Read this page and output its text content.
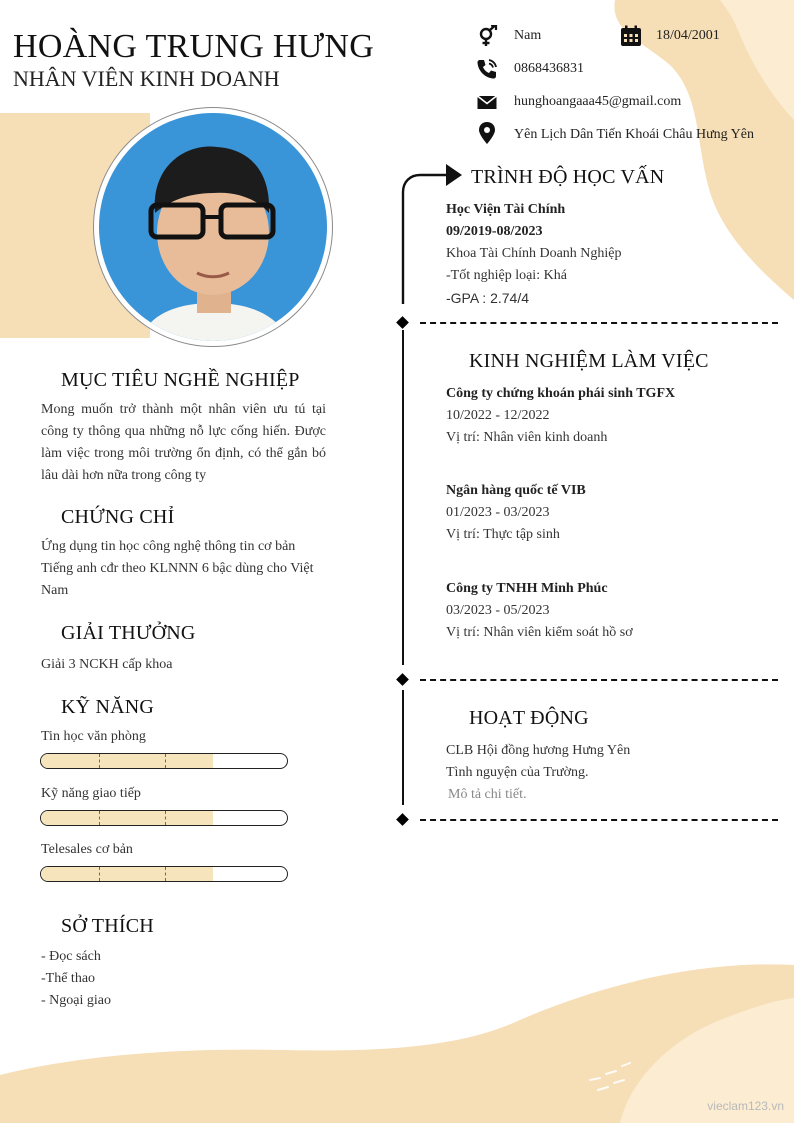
HOÀNG TRUNG HƯNG
NHÂN VIÊN KINH DOANH
Nam	18/04/2001
0868436831
hunghoangaaa45@gmail.com
Yên Lịch Dân Tiến Khoái Châu Hưng Yên
MỤC TIÊU NGHỀ NGHIỆP
Mong muốn trở thành một nhân viên ưu tú tại công ty thông qua những nỗ lực cống hiến. Được làm việc trong môi trường ổn định, có thể gắn bó lâu dài hơn nữa trong công ty
CHỨNG CHỈ
Ứng dụng tin học công nghệ thông tin cơ bản
Tiếng anh cđr theo KLNNN 6 bậc dùng cho Việt Nam
GIẢI THƯỞNG
Giải 3 NCKH cấp khoa
KỸ NĂNG
Tin học văn phòng
Kỹ năng giao tiếp
Telesales cơ bản
SỞ THÍCH
- Đọc sách
-Thể thao
- Ngoại giao
TRÌNH ĐỘ HỌC VẤN
Học Viện Tài Chính
09/2019-08/2023
Khoa Tài Chính Doanh Nghiệp
-Tốt nghiệp loại: Khá
-GPA : 2.74/4
KINH NGHIỆM LÀM VIỆC
Công ty chứng khoán phái sinh TGFX
10/2022 - 12/2022
Vị trí: Nhân viên kinh doanh
Ngân hàng quốc tế VIB
01/2023 - 03/2023
Vị trí: Thực tập sinh
Công ty TNHH Minh Phúc
03/2023 - 05/2023
Vị trí: Nhân viên kiểm soát hồ sơ
HOẠT ĐỘNG
CLB Hội đồng hương Hưng Yên
Tình nguyện của Trường.
Mô tả chi tiết.
vieclam123.vn
